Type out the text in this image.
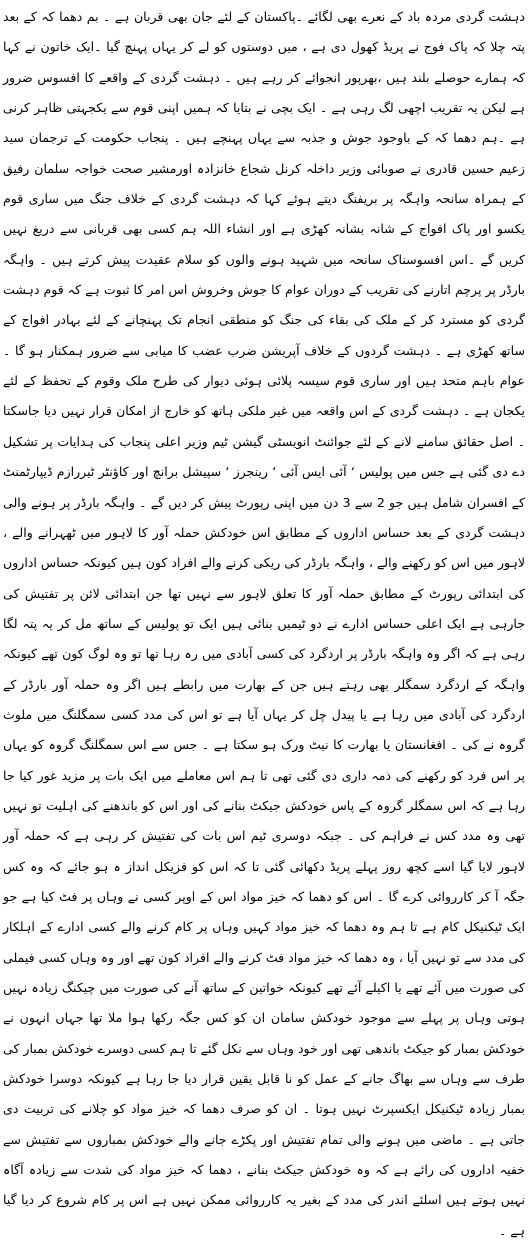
دہشت گردی مردہ باد کے نعرے بھی لگائے ۔پاکستان کے لئے جان بھی قربان ہے ۔ بم دھما کہ کے بعد پتہ چلا کہ پاک فوج نے پریڈ کھول دی ہے ، میں دوستوں کو لے کر یہاں پہنچ گیا ۔ایک خاتون نے کہا کہ ہمارے حوصلے بلند ہیں ،بھرپور انجوائے کر رہے ہیں ۔ دہشت گردی کے واقعے کا افسوس ضرور ہے لیکن یہ تقریب اچھی لگ رہی ہے ۔ ایک بچی نے بتایا کہ ہمیں اپنی قوم سے یکجہتی ظاہر کرنی ہے ۔ہم دھما کہ کے باوجود جوش و جذبہ سے یہاں پہنچے ہیں ۔ پنجاب حکومت کے ترجمان سید زعیم حسین قادری نے صوبائی وزیر داخلہ کرنل شجاع خانزادہ اورمشیر صحت خواجہ سلمان رفیق کے ہمراہ سانحہ واہگہ پر بریفنگ دیتے ہوئے کہا کہ دہشت گردی کے خلاف جنگ میں ساری قوم یکسو اور پاک افواج کے شانہ بشانہ کھڑی ہے اور انشاء اللہ ہم کسی بھی قربانی سے دریغ نہیں کریں گے ۔اس افسوسناک سانحہ میں شہید ہونے والوں کو سلام عقیدت پیش کرتے ہیں ۔ واہگہ بارڈر پر پرچم اتارنے کی تقریب کے دوران عوام کا جوش وخروش اس امر کا ثبوت ہے کہ قوم دہشت گردی کو مسترد کر کے ملک کی بقاء کی جنگ کو منطقی انجام تک پہنچانے کے لئے بہادر افواج کے ساتھ کھڑی ہے ۔ دہشت گردوں کے خلاف آپریشن ضرب عضب کا میابی سے ضرور ہمکنار ہو گا ۔ عوام باہم متحد ہیں اور ساری قوم سیسہ پلائی ہوئی دیوار کی طرح ملک وقوم کے تحفظ کے لئے یکجان ہے ۔ دہشت گردی کے اس واقعہ میں غیر ملکی ہاتھ کو خارج از امکان قرار نہیں دیا جاسکتا ۔ اصل حقائق سامنے لانے کے لئے جوائنٹ انویسٹی گیشن ٹیم وزیر اعلی پنجاب کی ہدایات پر تشکیل دے دی گئی ہے جس میں پولیس ‘ آئی ایس آئی ‘ رینجرز ‘ سپیشل برانچ اور کاؤنٹر ٹیررازم ڈیپارٹمنٹ کے افسران شامل ہیں جو 2 سے 3 دن میں اپنی رپورٹ پیش کر دیں گے ۔ واہگہ بارڈر پر ہونے والی دہشت گردی کے بعد حساس اداروں کے مطابق اس خودکش حملہ آور کا لاہور میں ٹھہرانے والے ، لاہور میں اس کو رکھنے والے ، واہگہ بارڈر کی ریکی کرنے والے افراد کون ہیں کیونکہ حساس اداروں کی ابتدائی رپورٹ کے مطابق حملہ آور کا تعلق لاہور سے نہیں تھا جن ابتدائی لائن پر تفتیش کی جارہی ہے ایک اعلی حساس ادارے نے دو ٹیمیں بنائی ہیں ایک تو پولیس کے ساتھ مل کر یہ پتہ لگا رہی ہے کہ اگر وہ واہگہ بارڈر پر اردگرد کی کسی آبادی میں رہ رہا تھا تو وہ لوگ کون تھے کیونکہ واہگہ کے اردگرد سمگلر بھی رہتے ہیں جن کے بھارت میں رابطے ہیں اگر وہ حملہ آور بارڈر کے اردگرد کی آبادی میں رہا ہے یا پیدل چل کر یہاں آیا ہے تو اس کی مدد کسی سمگلنگ میں ملوث گروہ نے کی ۔ افغانستان یا بھارت کا نیٹ ورک ہو سکتا ہے ۔ جس سے اس سمگلنگ گروہ کو یہاں پر اس فرد کو رکھنے کی ذمہ داری دی گئی تھی تا ہم اس معاملے میں ایک بات پر مزید غور کیا جا رہا ہے کہ اس سمگلر گروہ کے پاس خودکش جیکٹ بنانے کی اور اس کو باندھنے کی اہلیت تو نہیں تھی وہ مدد کس نے فراہم کی ۔ جبکہ دوسری ٹیم اس بات کی تفتیش کر رہی ہے کہ حملہ آور لاہور لایا گیا اسے کچھ روز پہلے پریڈ دکھائی گئی تا کہ اس کو فزیکل انداز ہ ہو جائے کہ وہ کس جگہ آ کر کارروائی کرے گا ۔ اس کو دھما کہ خیز مواد اس کے اوپر کسی نے وہاں پر فٹ کیا ہے جو ایک ٹیکنیکل کام ہے تا ہم وہ دھما کہ خیز مواد کہیں وہاں پر کام کرنے والے کسی ادارے کے اہلکار کی مدد سے تو نہیں آیا ، وہ دھما کہ خیز مواد فٹ کرنے والے افراد کون تھے اور وہ وہاں کسی فیملی کی صورت میں آئے تھے یا اکیلے آئے تھے کیونکہ خواتین کے ساتھ آنے کی صورت میں چیکنگ زیادہ نہیں ہوتی وہاں پر پہلے سے موجود خودکش سامان ان کو کس جگہ رکھا ہوا ملا تھا جہاں انہوں نے خودکش بمبار کو جیکٹ باندھی تھی اور خود وہاں سے نکل گئے تا ہم کسی دوسرے خودکش بمبار کی طرف سے وہاں سے بھاگ جانے کے عمل کو نا قابل یقین قرار دیا جا رہا ہے کیونکہ دوسرا خودکش بمبار زیادہ ٹیکنیکل ایکسپرٹ نہیں ہوتا ۔ ان کو صرف دھما کہ خیز مواد کو چلانے کی تربیت دی جاتی ہے ۔ ماضی میں ہونے والی تمام تفتیش اور پکڑے جانے والے خودکش بمباروں سے تفتیش سے خفیہ اداروں کی رائے ہے کہ وہ خودکش جیکٹ بنانے ، دھما کہ خیز مواد کی شدت سے زیادہ آگاہ نہیں ہوتے ہیں اسلئے اندر کی مدد کے بغیر یہ کارروائی ممکن نہیں ہے اس پر کام شروع کر دیا گیا ہے ۔
